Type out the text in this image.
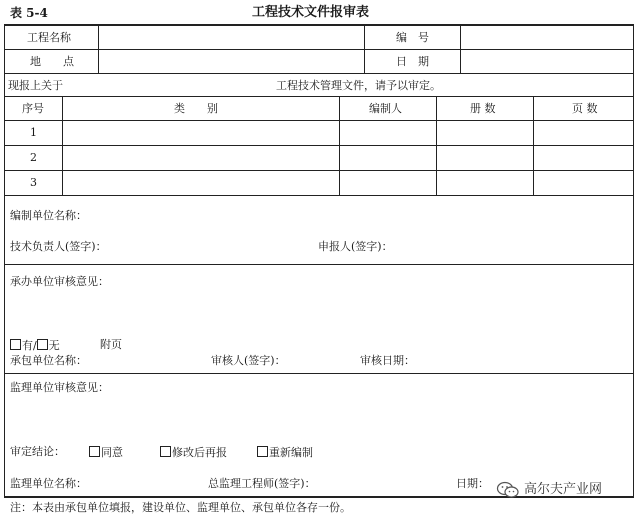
表 5-4	工程技术文件报审表
工程名称	编　号
地　　点	日　期
现报上关于	工程技术管理文件，请予以审定。
序号	类　　别	编制人	册 数	页 数
1
2
3
编制单位名称：
技术负责人(签字)：	申报人(签字)：
承办单位审核意见：
有/ 无	附页
承包单位名称：	审核人(签字)：	审核日期：
监理单位审核意见：
审定结论：	同意	修改后再报	重新编制
监理单位名称：	总监理工程师(签字)：	日期：
注：本表由承包单位填报，建设单位、监理单位、承包单位各存一份。
高尔夫产业网
